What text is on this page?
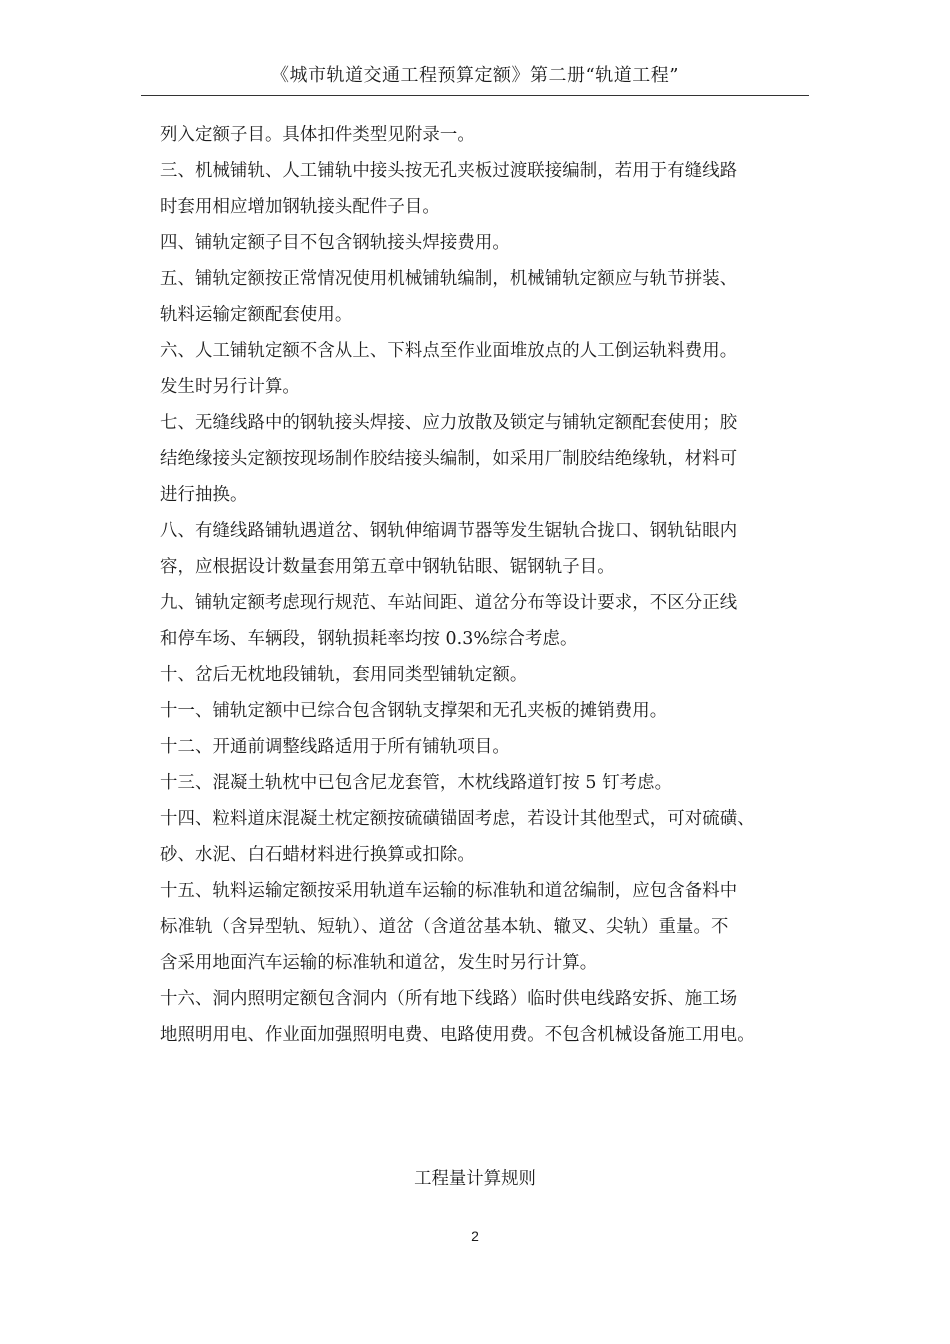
《城市轨道交通工程预算定额》第二册“轨道工程”
列入定额子目。具体扣件类型见附录一。
三、机械铺轨、人工铺轨中接头按无孔夹板过渡联接编制，若用于有缝线路
时套用相应增加钢轨接头配件子目。
四、铺轨定额子目不包含钢轨接头焊接费用。
五、铺轨定额按正常情况使用机械铺轨编制，机械铺轨定额应与轨节拼装、
轨料运输定额配套使用。
六、人工铺轨定额不含从上、下料点至作业面堆放点的人工倒运轨料费用。
发生时另行计算。
七、无缝线路中的钢轨接头焊接、应力放散及锁定与铺轨定额配套使用；胶
结绝缘接头定额按现场制作胶结接头编制，如采用厂制胶结绝缘轨，材料可
进行抽换。
八、有缝线路铺轨遇道岔、钢轨伸缩调节器等发生锯轨合拢口、钢轨钻眼内
容，应根据设计数量套用第五章中钢轨钻眼、锯钢轨子目。
九、铺轨定额考虑现行规范、车站间距、道岔分布等设计要求，不区分正线
和停车场、车辆段，钢轨损耗率均按 0.3%综合考虑。
十、岔后无枕地段铺轨，套用同类型铺轨定额。
十一、铺轨定额中已综合包含钢轨支撑架和无孔夹板的摊销费用。
十二、开通前调整线路适用于所有铺轨项目。
十三、混凝土轨枕中已包含尼龙套管，木枕线路道钉按 5 钉考虑。
十四、粒料道床混凝土枕定额按硫磺锚固考虑，若设计其他型式，可对硫磺、
砂、水泥、白石蜡材料进行换算或扣除。
十五、轨料运输定额按采用轨道车运输的标准轨和道岔编制，应包含备料中
标准轨（含异型轨、短轨）、道岔（含道岔基本轨、辙叉、尖轨）重量。不
含采用地面汽车运输的标准轨和道岔，发生时另行计算。
十六、洞内照明定额包含洞内（所有地下线路）临时供电线路安拆、施工场
地照明用电、作业面加强照明电费、电路使用费。不包含机械设备施工用电。
工程量计算规则
2
